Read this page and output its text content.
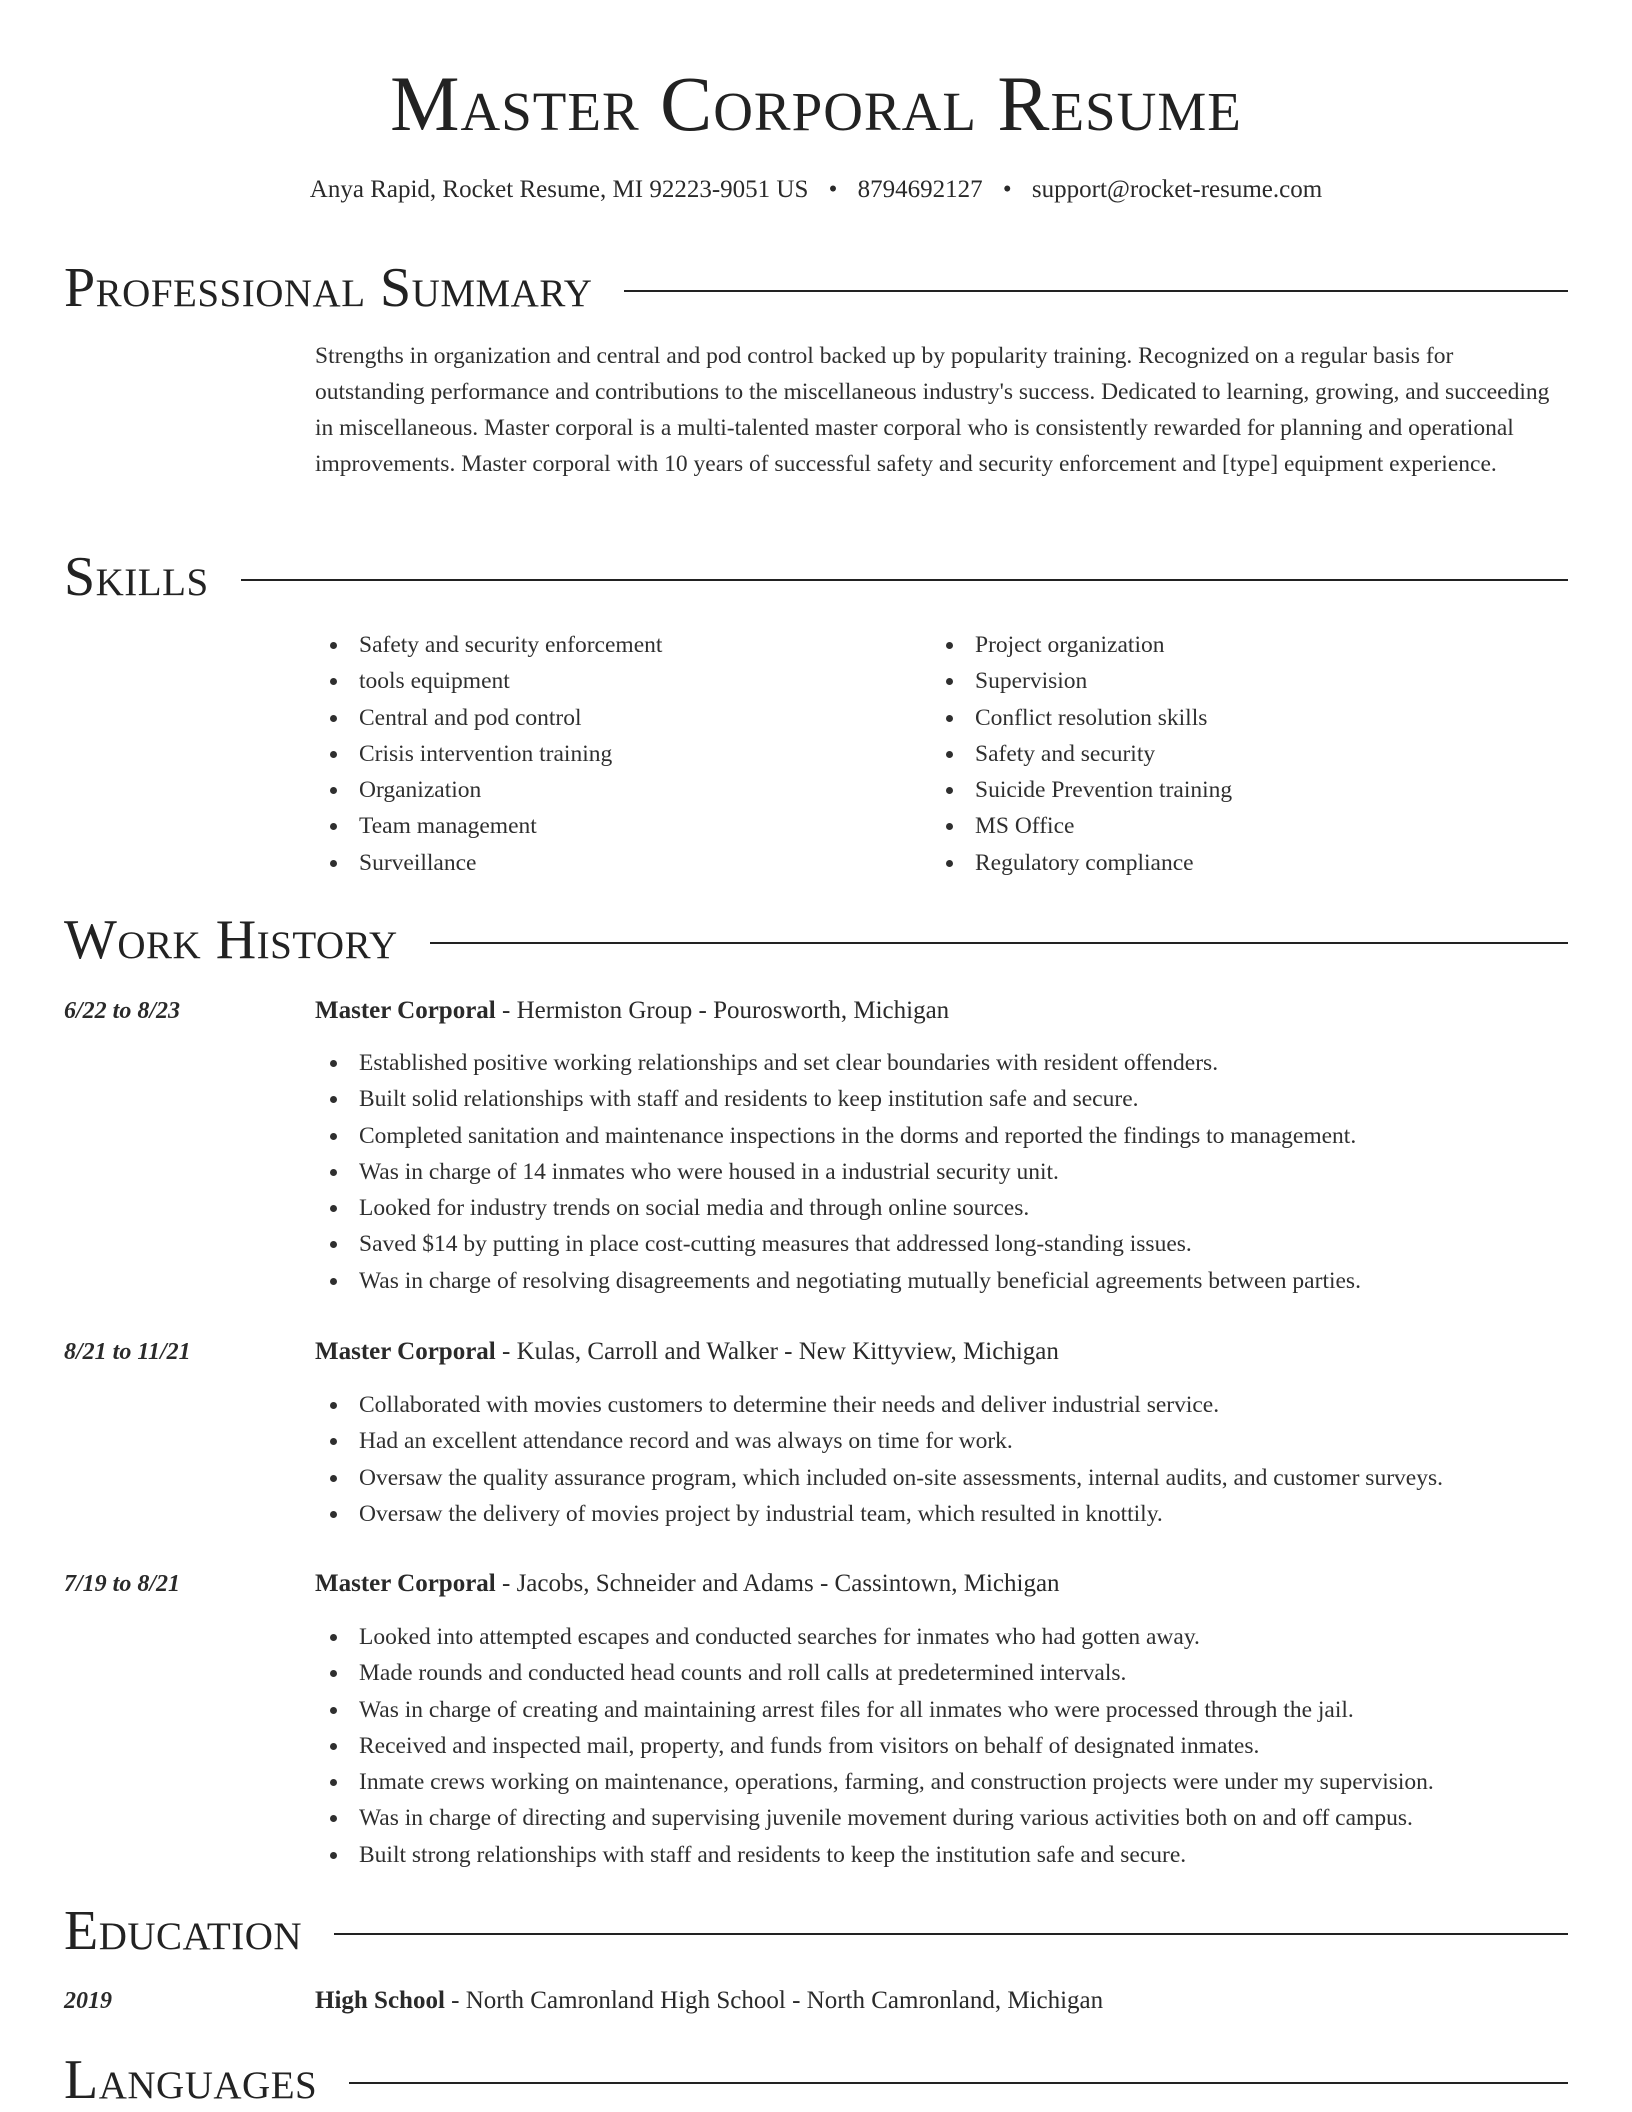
Master Corporal Resume
Anya Rapid, Rocket Resume, MI 92223-9051 US • 8794692127 • support@rocket-resume.com
Professional Summary
Strengths in organization and central and pod control backed up by popularity training. Recognized on a regular basis for outstanding performance and contributions to the miscellaneous industry's success. Dedicated to learning, growing, and succeeding in miscellaneous. Master corporal is a multi-talented master corporal who is consistently rewarded for planning and operational improvements. Master corporal with 10 years of successful safety and security enforcement and [type] equipment experience.
Skills
Safety and security enforcement
tools equipment
Central and pod control
Crisis intervention training
Organization
Team management
Surveillance
Project organization
Supervision
Conflict resolution skills
Safety and security
Suicide Prevention training
MS Office
Regulatory compliance
Work History
6/22 to 8/23	Master Corporal - Hermiston Group - Pourosworth, Michigan
Established positive working relationships and set clear boundaries with resident offenders.
Built solid relationships with staff and residents to keep institution safe and secure.
Completed sanitation and maintenance inspections in the dorms and reported the findings to management.
Was in charge of 14 inmates who were housed in a industrial security unit.
Looked for industry trends on social media and through online sources.
Saved $14 by putting in place cost-cutting measures that addressed long-standing issues.
Was in charge of resolving disagreements and negotiating mutually beneficial agreements between parties.
8/21 to 11/21	Master Corporal - Kulas, Carroll and Walker - New Kittyview, Michigan
Collaborated with movies customers to determine their needs and deliver industrial service.
Had an excellent attendance record and was always on time for work.
Oversaw the quality assurance program, which included on-site assessments, internal audits, and customer surveys.
Oversaw the delivery of movies project by industrial team, which resulted in knottily.
7/19 to 8/21	Master Corporal - Jacobs, Schneider and Adams - Cassintown, Michigan
Looked into attempted escapes and conducted searches for inmates who had gotten away.
Made rounds and conducted head counts and roll calls at predetermined intervals.
Was in charge of creating and maintaining arrest files for all inmates who were processed through the jail.
Received and inspected mail, property, and funds from visitors on behalf of designated inmates.
Inmate crews working on maintenance, operations, farming, and construction projects were under my supervision.
Was in charge of directing and supervising juvenile movement during various activities both on and off campus.
Built strong relationships with staff and residents to keep the institution safe and secure.
Education
2019	High School - North Camronland High School - North Camronland, Michigan
Languages
